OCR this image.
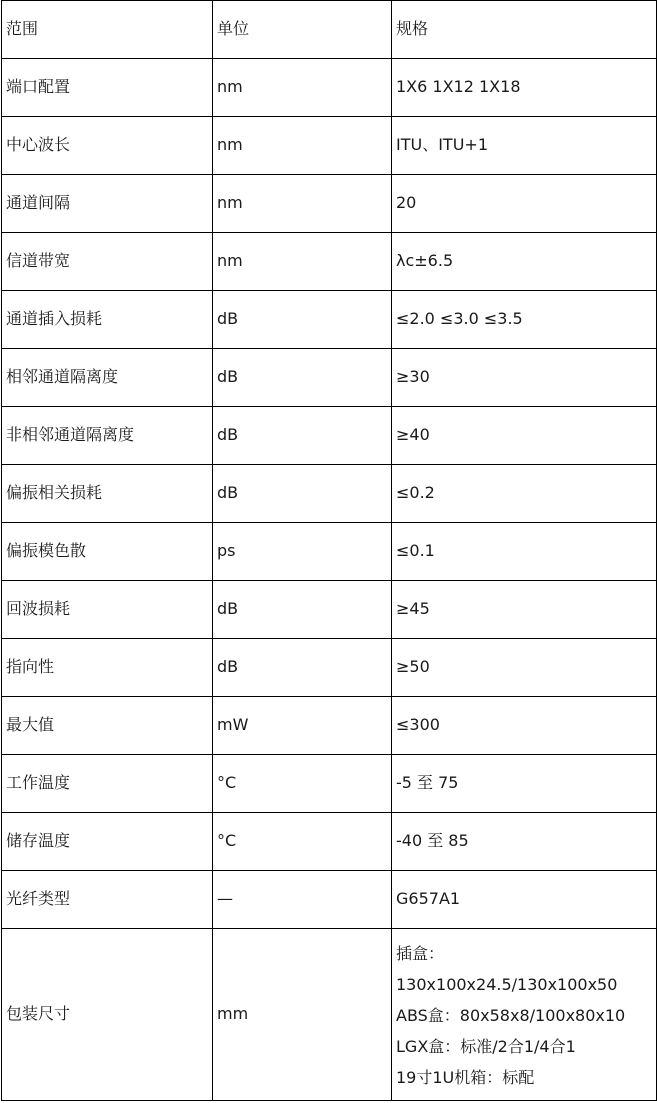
范围	单位	规格
端口配置	nm	1X6 1X12 1X18
中心波长	nm	ITU、ITU+1
通道间隔	nm	20
信道带宽	nm	λc±6.5
通道插入损耗	dB	≤2.0 ≤3.0 ≤3.5
相邻通道隔离度	dB	≥30
非相邻通道隔离度	dB	≥40
偏振相关损耗	dB	≤0.2
偏振模色散	ps	≤0.1
回波损耗	dB	≥45
指向性	dB	≥50
最大值	mW	≤300
工作温度	°C	-5 至 75
储存温度	°C	-40 至 85
光纤类型	—	G657A1
包装尺寸	mm	插盒：
130x100x24.5/130x100x50
ABS盒：80x58x8/100x80x10
LGX盒：标准/2合1/4合1
19寸1U机箱：标配
